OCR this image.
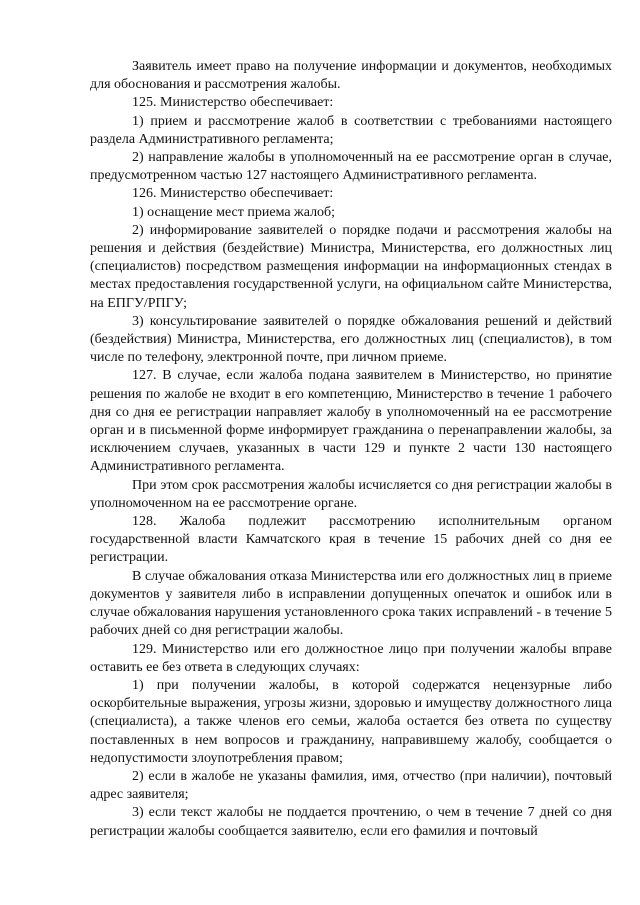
Заявитель имеет право на получение информации и документов, необходимых для обоснования и рассмотрения жалобы.

125. Министерство обеспечивает:

1) прием и рассмотрение жалоб в соответствии с требованиями настоящего раздела Административного регламента;

2) направление жалобы в уполномоченный на ее рассмотрение орган в случае, предусмотренном частью 127 настоящего Административного регламента.

126. Министерство обеспечивает:

1) оснащение мест приема жалоб;

2) информирование заявителей о порядке подачи и рассмотрения жалобы на решения и действия (бездействие) Министра, Министерства, его должностных лиц (специалистов) посредством размещения информации на информационных стендах в местах предоставления государственной услуги, на официальном сайте Министерства, на ЕПГУ/РПГУ;

3) консультирование заявителей о порядке обжалования решений и действий (бездействия) Министра, Министерства, его должностных лиц (специалистов), в том числе по телефону, электронной почте, при личном приеме.

127. В случае, если жалоба подана заявителем в Министерство, но принятие решения по жалобе не входит в его компетенцию, Министерство в течение 1 рабочего дня со дня ее регистрации направляет жалобу в уполномоченный на ее рассмотрение орган и в письменной форме информирует гражданина о перенаправлении жалобы, за исключением случаев, указанных в части 129 и пункте 2 части 130 настоящего Административного регламента.

При этом срок рассмотрения жалобы исчисляется со дня регистрации жалобы в уполномоченном на ее рассмотрение органе.

128. Жалоба подлежит рассмотрению исполнительным органом государственной власти Камчатского края в течение 15 рабочих дней со дня ее регистрации.

В случае обжалования отказа Министерства или его должностных лиц в приеме документов у заявителя либо в исправлении допущенных опечаток и ошибок или в случае обжалования нарушения установленного срока таких исправлений - в течение 5 рабочих дней со дня регистрации жалобы.

129. Министерство или его должностное лицо при получении жалобы вправе оставить ее без ответа в следующих случаях:

1) при получении жалобы, в которой содержатся нецензурные либо оскорбительные выражения, угрозы жизни, здоровью и имуществу должностного лица (специалиста), а также членов его семьи, жалоба остается без ответа по существу поставленных в нем вопросов и гражданину, направившему жалобу, сообщается о недопустимости злоупотребления правом;

2) если в жалобе не указаны фамилия, имя, отчество (при наличии), почтовый адрес заявителя;

3) если текст жалобы не поддается прочтению, о чем в течение 7 дней со дня регистрации жалобы сообщается заявителю, если его фамилия и почтовый
